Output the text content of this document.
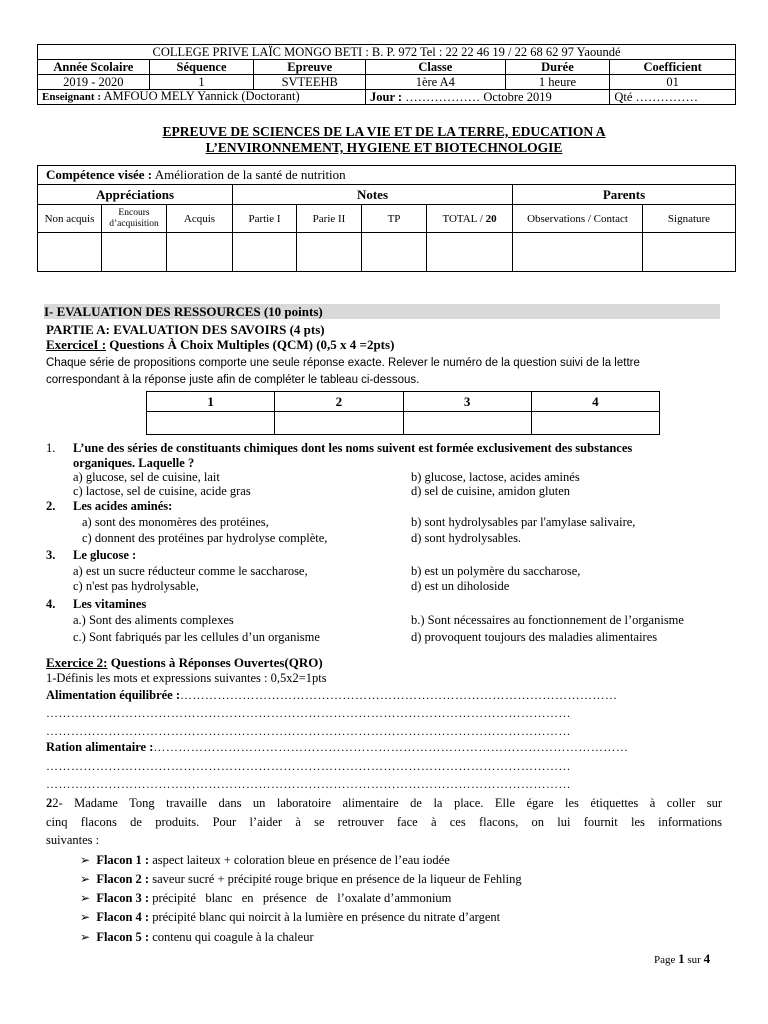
COLLEGE PRIVE LAÏC MONGO BETI : B. P. 972 Tel : 22 22 46 19 / 22 68 62 97 Yaoundé					
Année Scolaire	Séquence	Epreuve	Classe	Durée	Coefficient
2019 - 2020	1	SVTEEHB	1ère A4	1 heure	01
Enseignant : AMFOUO MELY Yannick (Doctorant)			Jour : ……………… Octobre 2019		Qté ……………
EPREUVE DE SCIENCES DE LA VIE ET DE LA TERRE, EDUCATION A
L’ENVIRONNEMENT, HYGIENE ET BIOTECHNOLOGIE
Compétence visée : Amélioration de la santé de nutrition								
Appréciations			Notes				Parents	
Non acquis	Encours d’acquisition	Acquis	Partie I	Parie II	TP	TOTAL / 20	Observations / Contact	Signature

I- EVALUATION DES RESSOURCES (10 points)
PARTIE A: EVALUATION DES SAVOIRS (4 pts)
ExerciceI : Questions À Choix Multiples (QCM) (0,5 x 4 =2pts)
Chaque série de propositions comporte une seule réponse exacte. Relever le numéro de la question suivi de la lettre
correspondant à la réponse juste afin de compléter le tableau ci-dessous.
1	2	3	4

1. L’une des séries de constituants chimiques dont les noms suivent est formée exclusivement des substances
organiques. Laquelle ?
a) glucose, sel de cuisine, lait	b) glucose, lactose, acides aminés
c) lactose, sel de cuisine, acide gras	d) sel de cuisine, amidon gluten
2. Les acides aminés:
a) sont des monomères des protéines,	b) sont hydrolysables par l'amylase salivaire,
c) donnent des protéines par hydrolyse complète,	d) sont hydrolysables.
3. Le glucose :
a) est un sucre réducteur comme le saccharose,	b) est un polymère du saccharose,
c) n'est pas hydrolysable,	d) est un diholoside
4. Les vitamines
a.) Sont des aliments complexes	b.) Sont nécessaires au fonctionnement de l’organisme
c.) Sont fabriqués par les cellules d’un organisme	d) provoquent toujours des maladies alimentaires
Exercice 2: Questions à Réponses Ouvertes(QRO)
1-Définis les mots et expressions suivantes : 0,5x2=1pts
Alimentation équilibrée :……………………………………………………………………………………………
………………………………………………………………………………………………………………
………………………………………………………………………………………………………………
Ration alimentaire :……………………………………………………………………………………………………
………………………………………………………………………………………………………………
………………………………………………………………………………………………………………
22- Madame Tong travaille dans un laboratoire alimentaire de la place. Elle égare les étiquettes à coller sur
cinq flacons de produits. Pour l’aider à se retrouver face à ces flacons, on lui fournit les informations
suivantes :
➢ Flacon 1 : aspect laiteux + coloration bleue en présence de l’eau iodée
➢ Flacon 2 : saveur sucré + précipité rouge brique en présence de la liqueur de Fehling
➢ Flacon 3 : précipité   blanc   en   présence   de   l’oxalate d’ammonium
➢ Flacon 4 : précipité blanc qui noircit à la lumière en présence du nitrate d’argent
➢ Flacon 5 : contenu qui coagule à la chaleur
Page 1 sur 4
